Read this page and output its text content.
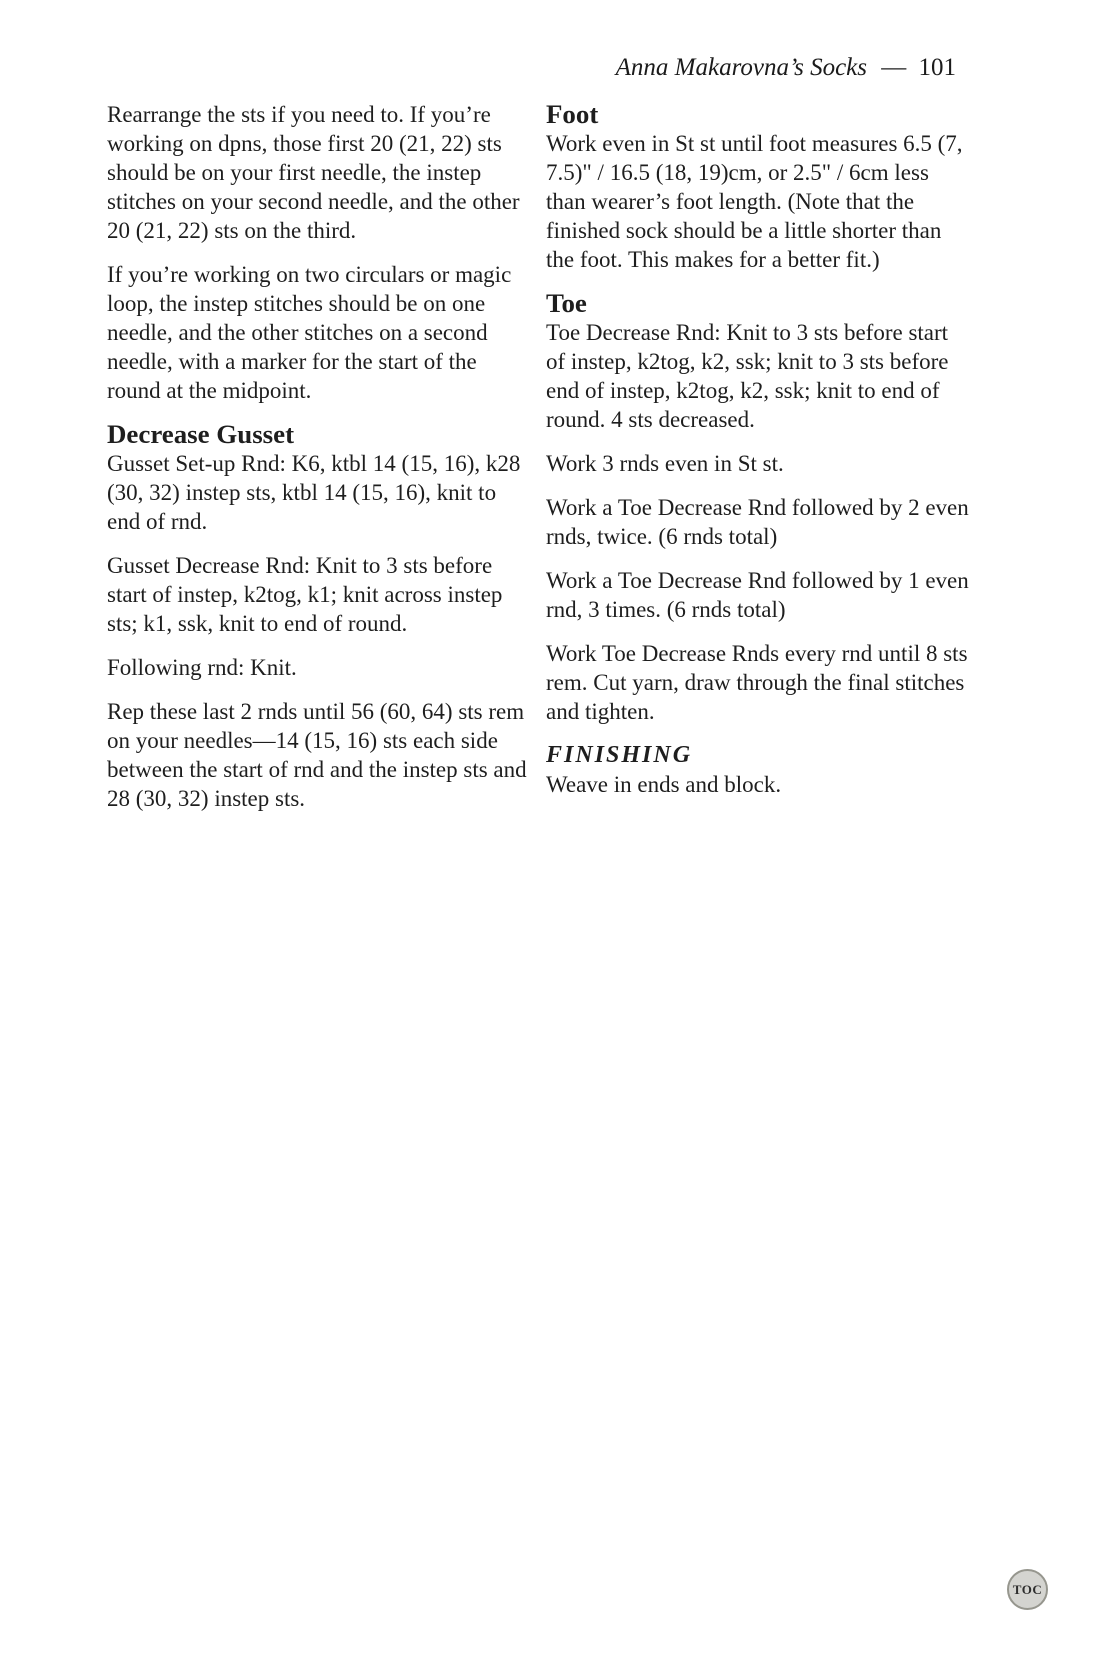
Anna Makarovna’s Socks — 101

Rearrange the sts if you need to. If you’re working on dpns, those first 20 (21, 22) sts should be on your first needle, the instep stitches on your second needle, and the other 20 (21, 22) sts on the third.

If you’re working on two circulars or magic loop, the instep stitches should be on one needle, and the other stitches on a second needle, with a marker for the start of the round at the midpoint.

Decrease Gusset

Gusset Set-up Rnd: K6, ktbl 14 (15, 16), k28 (30, 32) instep sts, ktbl 14 (15, 16), knit to end of rnd.

Gusset Decrease Rnd: Knit to 3 sts before start of instep, k2tog, k1; knit across instep sts; k1, ssk, knit to end of round.

Following rnd: Knit.

Rep these last 2 rnds until 56 (60, 64) sts rem on your needles—14 (15, 16) sts each side between the start of rnd and the instep sts and 28 (30, 32) instep sts.

Foot

Work even in St st until foot measures 6.5 (7, 7.5)" / 16.5 (18, 19)cm, or 2.5" / 6cm less than wearer’s foot length. (Note that the finished sock should be a little shorter than the foot. This makes for a better fit.)

Toe

Toe Decrease Rnd: Knit to 3 sts before start of instep, k2tog, k2, ssk; knit to 3 sts before end of instep, k2tog, k2, ssk; knit to end of round. 4 sts decreased.

Work 3 rnds even in St st.

Work a Toe Decrease Rnd followed by 2 even rnds, twice. (6 rnds total)

Work a Toe Decrease Rnd followed by 1 even rnd, 3 times. (6 rnds total)

Work Toe Decrease Rnds every rnd until 8 sts rem. Cut yarn, draw through the final stitches and tighten.

FINISHING

Weave in ends and block.

TOC
